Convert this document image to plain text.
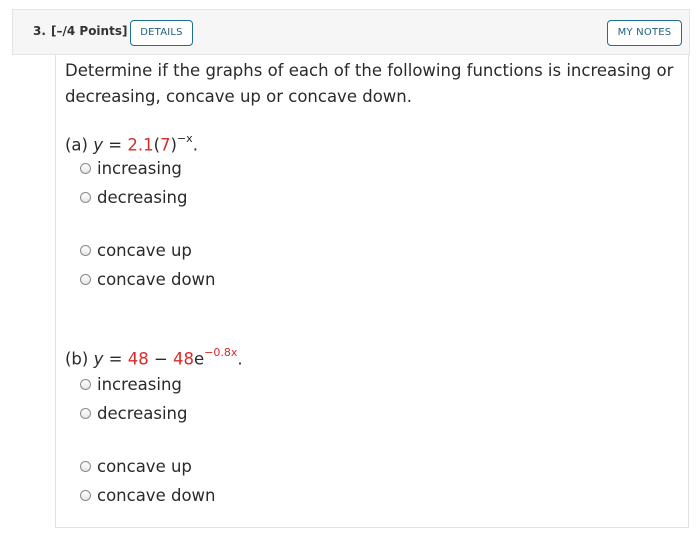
3. [–/4 Points]	DETAILS	MY NOTES
Determine if the graphs of each of the following functions is increasing or decreasing, concave up or concave down.
(a) $y = 2.1(7)^{-x}$.
increasing
decreasing
concave up
concave down
(b) $y = 48 - 48e^{-0.8x}$.
increasing
decreasing
concave up
concave down
